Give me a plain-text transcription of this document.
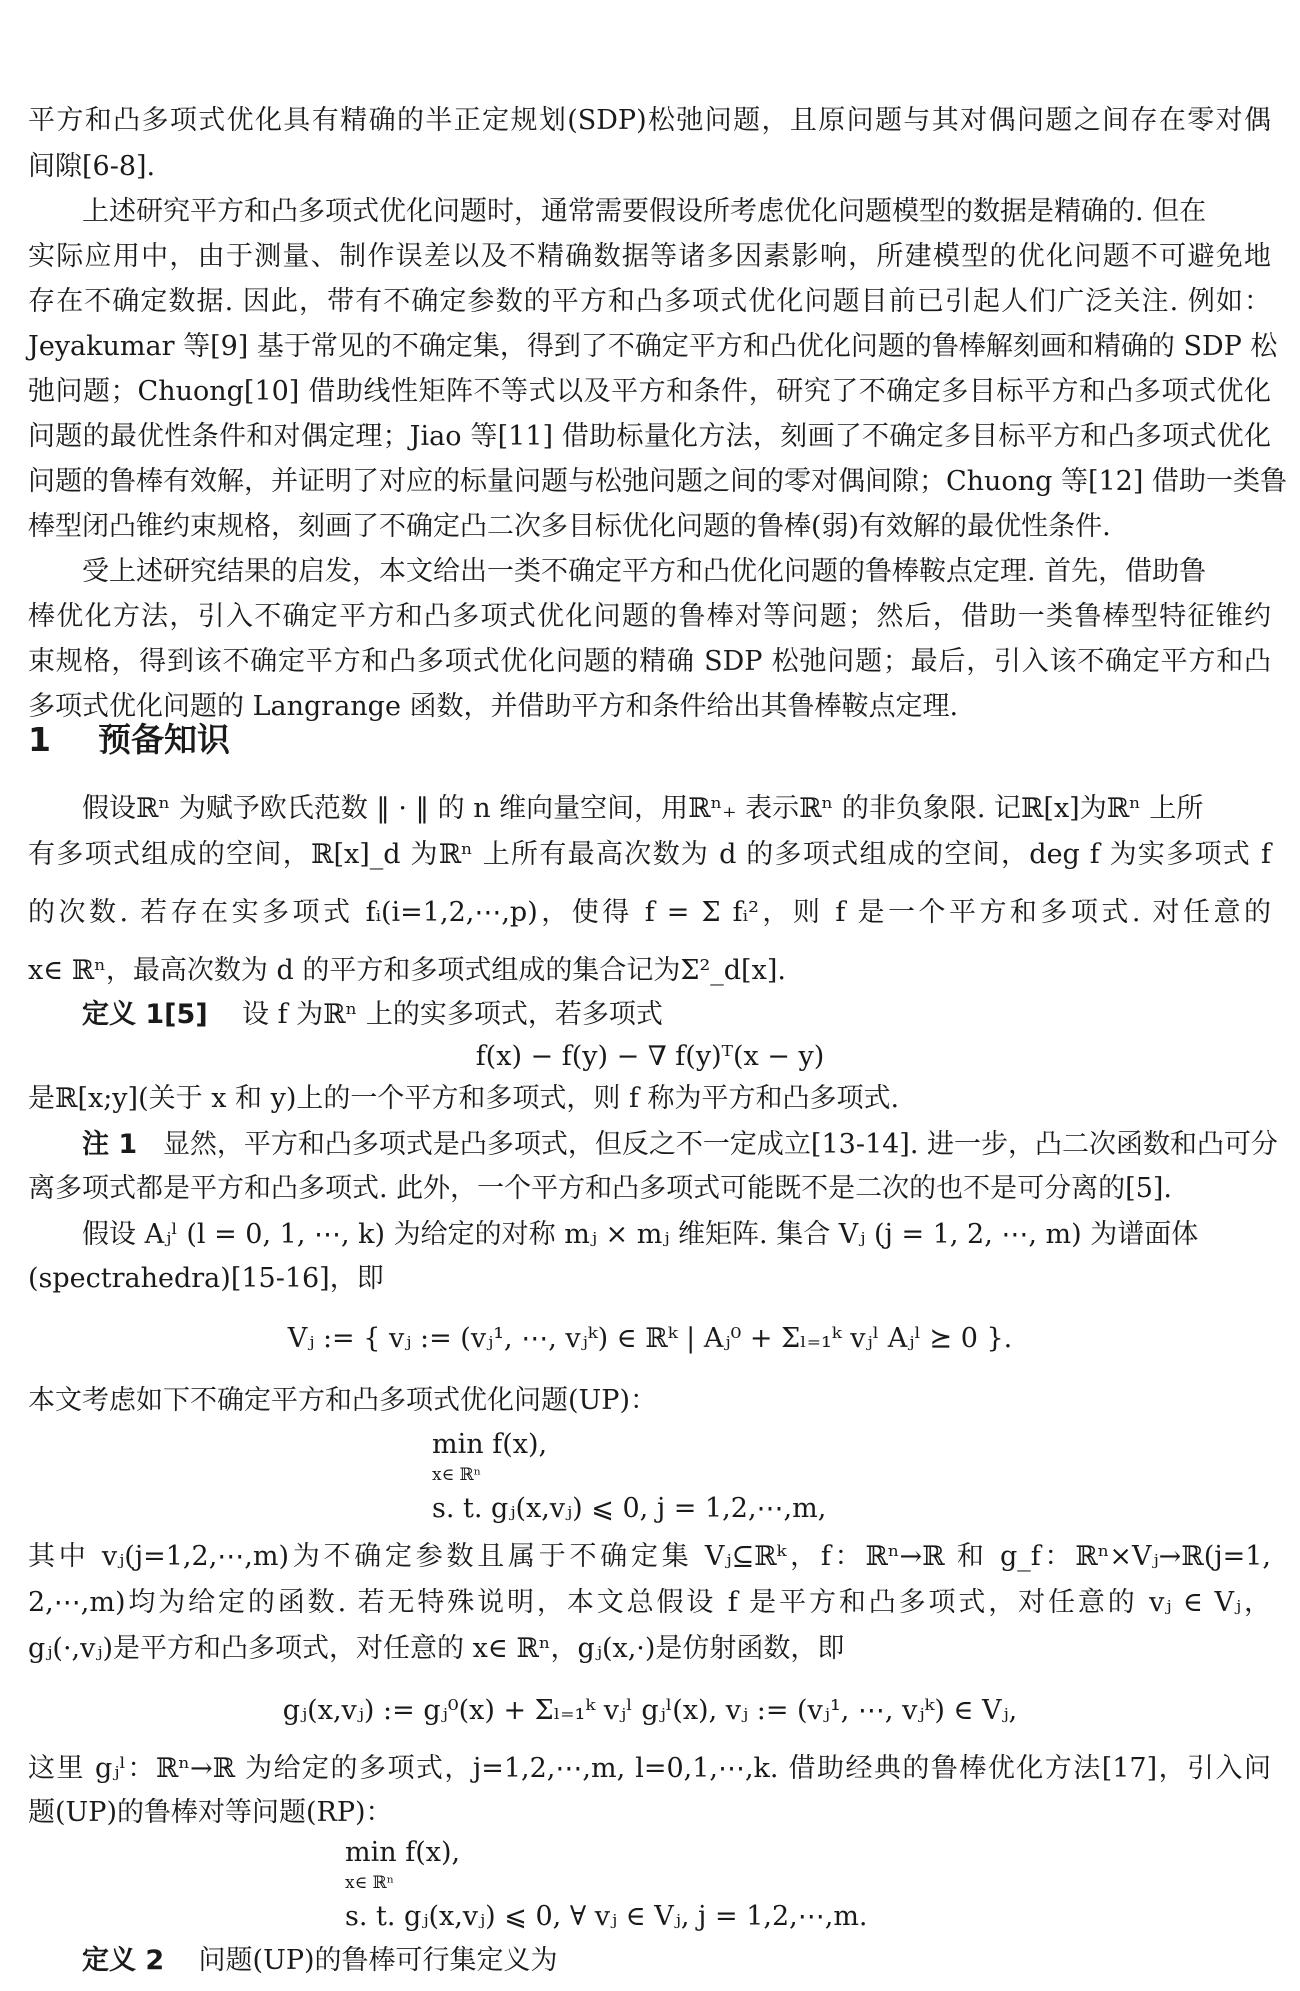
平方和凸多项式优化具有精确的半正定规划(SDP)松弛问题，且原问题与其对偶问题之间存在零对偶
间隙[6-8].
上述研究平方和凸多项式优化问题时，通常需要假设所考虑优化问题模型的数据是精确的. 但在
实际应用中，由于测量、制作误差以及不精确数据等诸多因素影响，所建模型的优化问题不可避免地
存在不确定数据. 因此，带有不确定参数的平方和凸多项式优化问题目前已引起人们广泛关注. 例如：
Jeyakumar 等[9] 基于常见的不确定集，得到了不确定平方和凸优化问题的鲁棒解刻画和精确的 SDP 松
弛问题；Chuong[10] 借助线性矩阵不等式以及平方和条件，研究了不确定多目标平方和凸多项式优化
问题的最优性条件和对偶定理；Jiao 等[11] 借助标量化方法，刻画了不确定多目标平方和凸多项式优化
问题的鲁棒有效解，并证明了对应的标量问题与松弛问题之间的零对偶间隙；Chuong 等[12] 借助一类鲁
棒型闭凸锥约束规格，刻画了不确定凸二次多目标优化问题的鲁棒(弱)有效解的最优性条件.
受上述研究结果的启发，本文给出一类不确定平方和凸优化问题的鲁棒鞍点定理. 首先，借助鲁
棒优化方法，引入不确定平方和凸多项式优化问题的鲁棒对等问题；然后，借助一类鲁棒型特征锥约
束规格，得到该不确定平方和凸多项式优化问题的精确 SDP 松弛问题；最后，引入该不确定平方和凸
多项式优化问题的 Langrange 函数，并借助平方和条件给出其鲁棒鞍点定理.
1 预备知识
假设ℝⁿ 为赋予欧氏范数 ‖ · ‖ 的 n 维向量空间，用ℝⁿ₊ 表示ℝⁿ 的非负象限. 记ℝ[x]为ℝⁿ 上所
有多项式组成的空间，ℝ[x]_d 为ℝⁿ 上所有最高次数为 d 的多项式组成的空间，deg f 为实多项式 f
的次数. 若存在实多项式 fᵢ(i=1,2,⋯,p)，使得 f = Σ fᵢ²，则 f 是一个平方和多项式. 对任意的
x∈ ℝⁿ，最高次数为 d 的平方和多项式组成的集合记为Σ²_d[x].
定义 1[5] 设 f 为ℝⁿ 上的实多项式，若多项式
f(x) − f(y) − ∇ f(y)ᵀ(x − y)
是ℝ[x;y](关于 x 和 y)上的一个平方和多项式，则 f 称为平方和凸多项式.
注 1 显然，平方和凸多项式是凸多项式，但反之不一定成立[13-14]. 进一步，凸二次函数和凸可分
离多项式都是平方和凸多项式. 此外，一个平方和凸多项式可能既不是二次的也不是可分离的[5].
假设 Aⱼˡ (l = 0, 1, ⋯, k) 为给定的对称 mⱼ × mⱼ 维矩阵. 集合 Vⱼ (j = 1, 2, ⋯, m) 为谱面体
(spectrahedra)[15-16]，即
Vⱼ := { vⱼ := (vⱼ¹, ⋯, vⱼᵏ) ∈ ℝᵏ | Aⱼ⁰ + Σₗ₌₁ᵏ vⱼˡ Aⱼˡ ⪰ 0 }.
本文考虑如下不确定平方和凸多项式优化问题(UP)：
min f(x),
x∈ ℝⁿ
s. t. gⱼ(x,vⱼ) ⩽ 0, j = 1,2,⋯,m,
其中 vⱼ(j=1,2,⋯,m)为不确定参数且属于不确定集 Vⱼ⊆ℝᵏ，f：ℝⁿ→ℝ 和 g_f：ℝⁿ×Vⱼ→ℝ(j=1,
2,⋯,m)均为给定的函数. 若无特殊说明，本文总假设 f 是平方和凸多项式，对任意的 vⱼ ∈ Vⱼ，
gⱼ(·,vⱼ)是平方和凸多项式，对任意的 x∈ ℝⁿ，gⱼ(x,·)是仿射函数，即
gⱼ(x,vⱼ) := gⱼ⁰(x) + Σₗ₌₁ᵏ vⱼˡ gⱼˡ(x), vⱼ := (vⱼ¹, ⋯, vⱼᵏ) ∈ Vⱼ,
这里 gⱼˡ：ℝⁿ→ℝ 为给定的多项式，j=1,2,⋯,m, l=0,1,⋯,k. 借助经典的鲁棒优化方法[17]，引入问
题(UP)的鲁棒对等问题(RP)：
min f(x),
x∈ ℝⁿ
s. t. gⱼ(x,vⱼ) ⩽ 0, ∀ vⱼ ∈ Vⱼ, j = 1,2,⋯,m.
定义 2 问题(UP)的鲁棒可行集定义为
